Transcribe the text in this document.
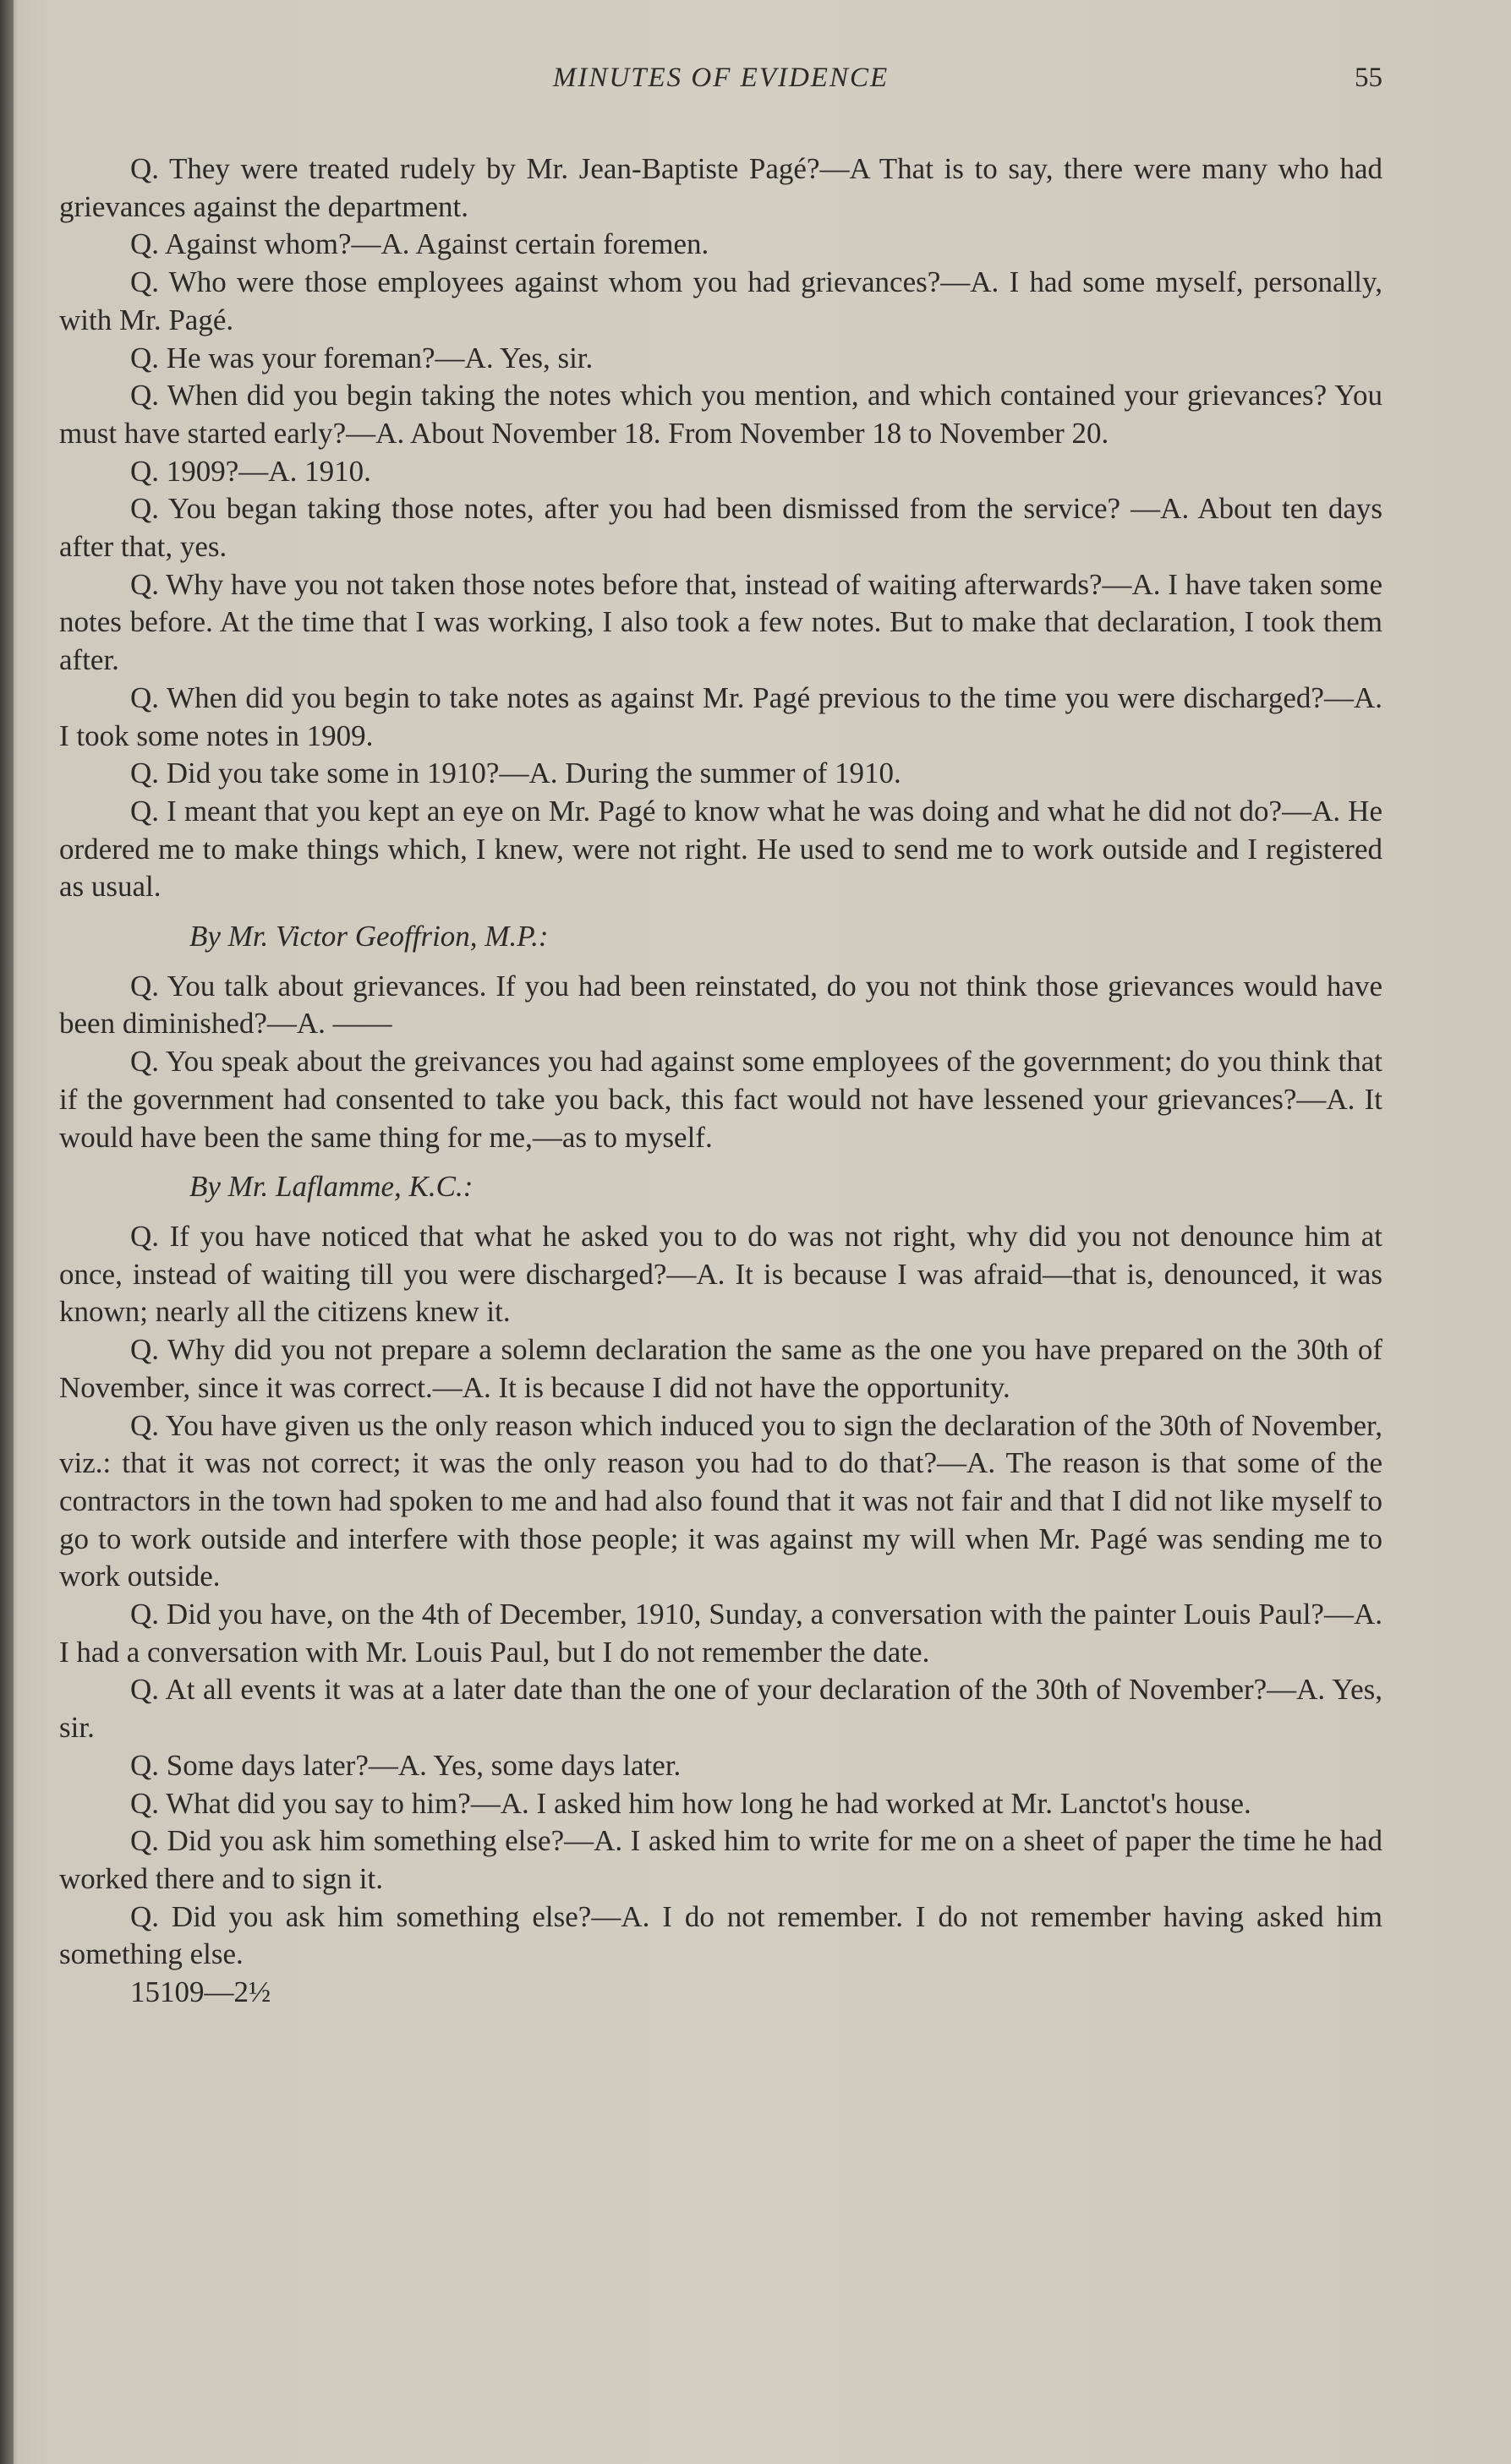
MINUTES OF EVIDENCE	55

Q. They were treated rudely by Mr. Jean-Baptiste Pagé?—A That is to say, there were many who had grievances against the department.

Q. Against whom?—A. Against certain foremen.

Q. Who were those employees against whom you had grievances?—A. I had some myself, personally, with Mr. Pagé.

Q. He was your foreman?—A. Yes, sir.

Q. When did you begin taking the notes which you mention, and which contained your grievances? You must have started early?—A. About November 18. From November 18 to November 20.

Q. 1909?—A. 1910.

Q. You began taking those notes, after you had been dismissed from the service? —A. About ten days after that, yes.

Q. Why have you not taken those notes before that, instead of waiting afterwards?—A. I have taken some notes before. At the time that I was working, I also took a few notes. But to make that declaration, I took them after.

Q. When did you begin to take notes as against Mr. Pagé previous to the time you were discharged?—A. I took some notes in 1909.

Q. Did you take some in 1910?—A. During the summer of 1910.

Q. I meant that you kept an eye on Mr. Pagé to know what he was doing and what he did not do?—A. He ordered me to make things which, I knew, were not right. He used to send me to work outside and I registered as usual.

By Mr. Victor Geoffrion, M.P.:

Q. You talk about grievances. If you had been reinstated, do you not think those grievances would have been diminished?—A. ——

Q. You speak about the greivances you had against some employees of the government; do you think that if the government had consented to take you back, this fact would not have lessened your grievances?—A. It would have been the same thing for me,—as to myself.

By Mr. Laflamme, K.C.:

Q. If you have noticed that what he asked you to do was not right, why did you not denounce him at once, instead of waiting till you were discharged?—A. It is because I was afraid—that is, denounced, it was known; nearly all the citizens knew it.

Q. Why did you not prepare a solemn declaration the same as the one you have prepared on the 30th of November, since it was correct.—A. It is because I did not have the opportunity.

Q. You have given us the only reason which induced you to sign the declaration of the 30th of November, viz.: that it was not correct; it was the only reason you had to do that?—A. The reason is that some of the contractors in the town had spoken to me and had also found that it was not fair and that I did not like myself to go to work outside and interfere with those people; it was against my will when Mr. Pagé was sending me to work outside.

Q. Did you have, on the 4th of December, 1910, Sunday, a conversation with the painter Louis Paul?—A. I had a conversation with Mr. Louis Paul, but I do not remember the date.

Q. At all events it was at a later date than the one of your declaration of the 30th of November?—A. Yes, sir.

Q. Some days later?—A. Yes, some days later.

Q. What did you say to him?—A. I asked him how long he had worked at Mr. Lanctot's house.

Q. Did you ask him something else?—A. I asked him to write for me on a sheet of paper the time he had worked there and to sign it.

Q. Did you ask him something else?—A. I do not remember. I do not remember having asked him something else.

15109—2½
